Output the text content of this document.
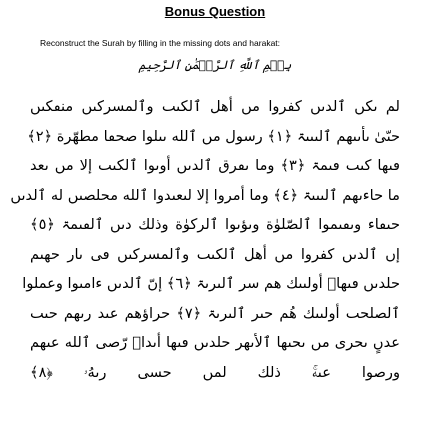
Bonus Question
Reconstruct the Surah by filling in the missing dots and harakat:
بِسۡمِ ٱللَّهِ ٱلرَّحۡمَٰنِ ٱلرَّحِيمِ
لم ىكں ٱلدىں كفروا مں أهل ٱلكىٮ وٱلمسركىں منڡكىں
حىّىٰ ىأٮىهم ٱلٮىىۃ ﴿١﴾ رسول مں ٱلله ىٮلوا صحڡا مطهّرة ﴿٢﴾
ڡىها كٮٮ ڡىمۃ ﴿٣﴾ وما ٮڡرق ٱلدىں أوٮوا ٱلكٮٮ إلا مں ٮعد
ما حاءٮهم ٱلٮىىۃ ﴿٤﴾ وما أمروا إلا لىعٮدوا ٱلله محلصىں له ٱلدىں
حٮڡاء وىڡىموا ٱلصّلوٰة وىؤٮوا ٱلركوٰة وذلك دىں ٱلڡىمۃ ﴿٥﴾
إں ٱلدىں كفروا مں أهل ٱلكىٮ وٱلمسركىں ڡى ٮار حهٮم
حلدىں ڡىهاۚ أولٮىك هم سر ٱلٮرىۃ ﴿٦﴾ إںّ ٱلدىں ءامٮوا وعملوا
ٱلصلحٮ أولٮىك هُم حىر ٱلٮرىۃ ﴿٧﴾ حراؤهم عٮد رٮهم حٮٮ
عدںٍ ٮحرى مں ٮحٮها ٱلأٮهر حلدىں ڡىها أٮداۖ رّصى ٱلله عٮهم
ورصوا عٮهۚ ذلك لمں حسى رٮهُۥ ﴿٨﴾
